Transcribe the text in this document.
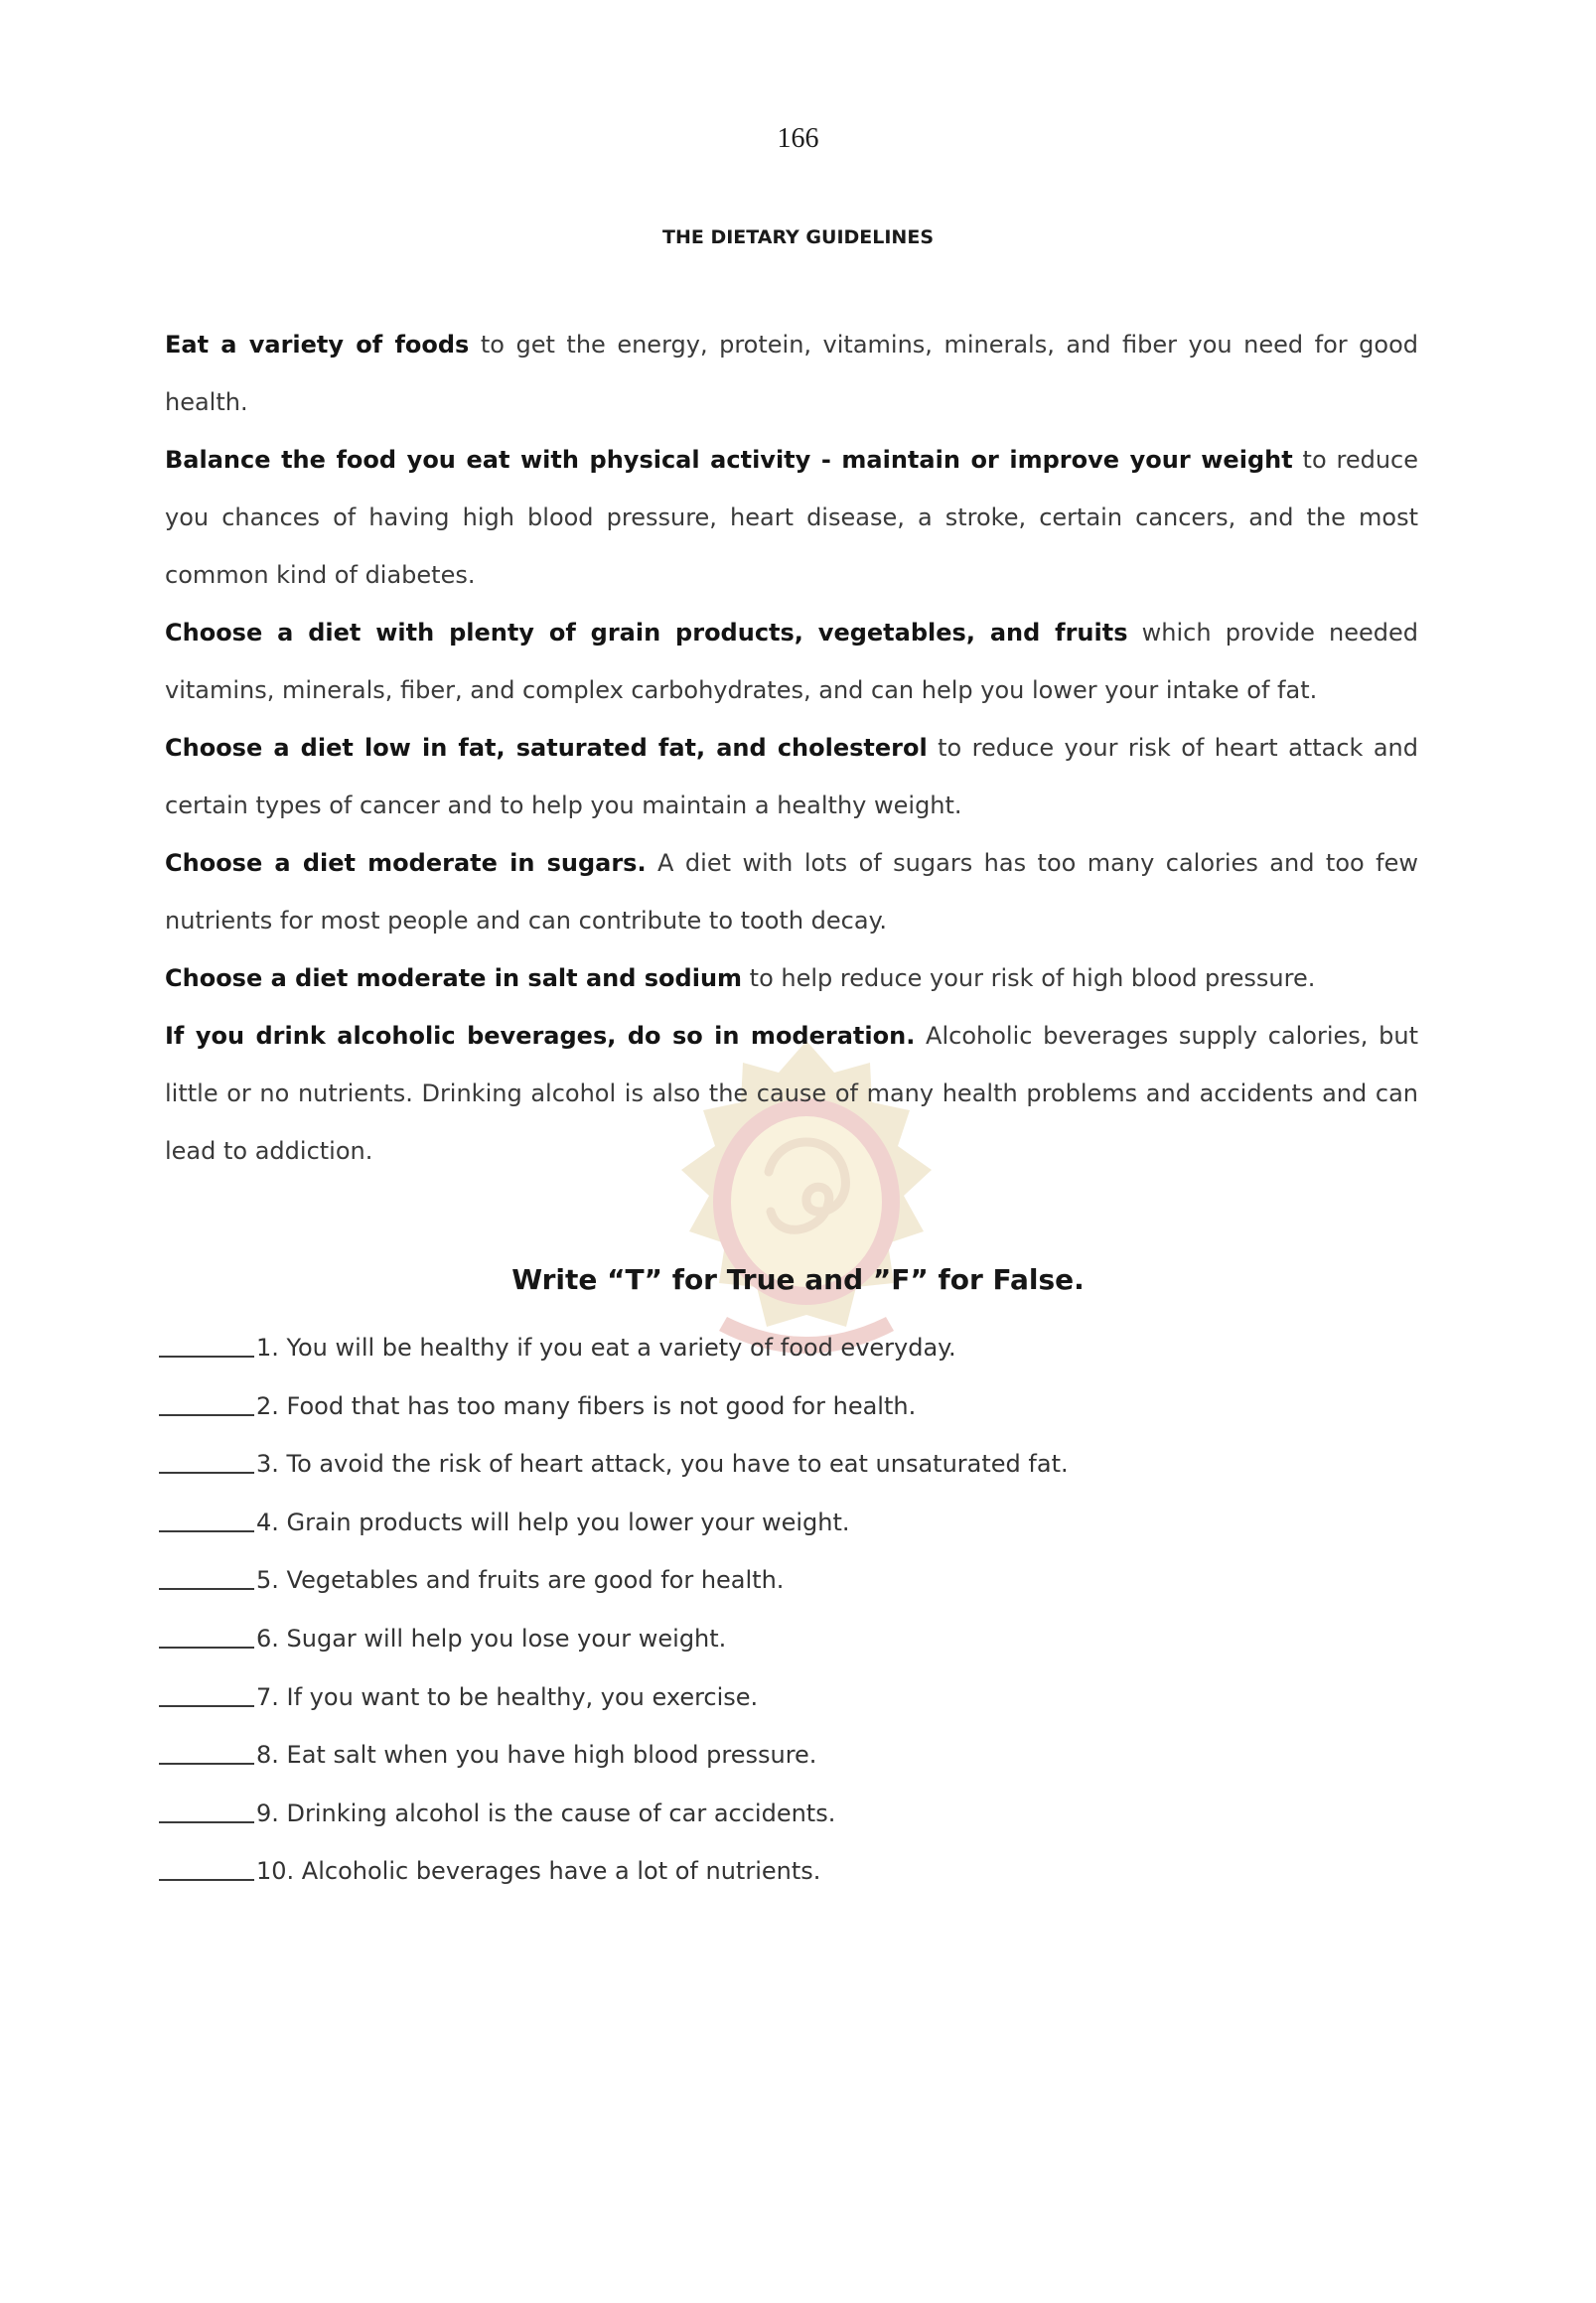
166
THE DIETARY GUIDELINES

Eat a variety of foods to get the energy, protein, vitamins, minerals, and fiber you need for good health.

Balance the food you eat with physical activity - maintain or improve your weight to reduce you chances of having high blood pressure, heart disease, a stroke, certain cancers, and the most common kind of diabetes.

Choose a diet with plenty of grain products, vegetables, and fruits which provide needed vitamins, minerals, fiber, and complex carbohydrates, and can help you lower your intake of fat.

Choose a diet low in fat, saturated fat, and cholesterol to reduce your risk of heart attack and certain types of cancer and to help you maintain a healthy weight.

Choose a diet moderate in sugars. A diet with lots of sugars has too many calories and too few nutrients for most people and can contribute to tooth decay.

Choose a diet moderate in salt and sodium to help reduce your risk of high blood pressure.

If you drink alcoholic beverages, do so in moderation. Alcoholic beverages supply calories, but little or no nutrients. Drinking alcohol is also the cause of many health problems and accidents and can lead to addiction.

Write “T” for True and ”F” for False.
1. You will be healthy if you eat a variety of food everyday.
2. Food that has too many fibers is not good for health.
3. To avoid the risk of heart attack, you have to eat unsaturated fat.
4. Grain products will help you lower your weight.
5. Vegetables and fruits are good for health.
6. Sugar will help you lose your weight.
7. If you want to be healthy, you exercise.
8. Eat salt when you have high blood pressure.
9. Drinking alcohol is the cause of car accidents.
10. Alcoholic beverages have a lot of nutrients.
